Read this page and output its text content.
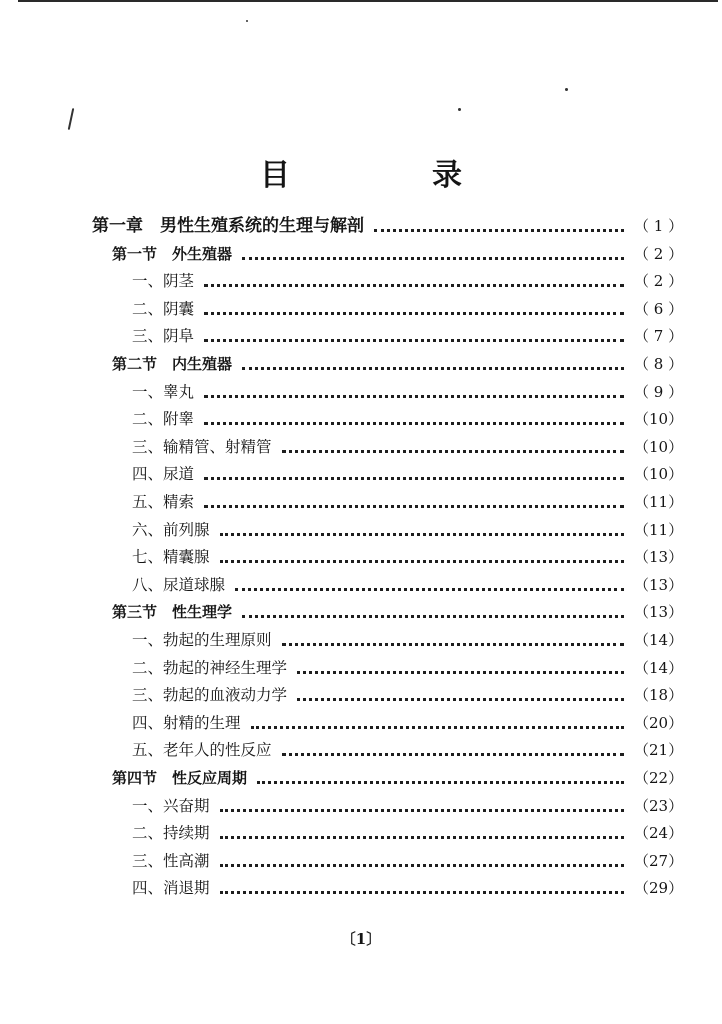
目　录
第一章　男性生殖系统的生理与解剖	（ 1 ）
第一节　外生殖器	（ 2 ）
一、阴茎	（ 2 ）
二、阴囊	（ 6 ）
三、阴阜	（ 7 ）
第二节　内生殖器	（ 8 ）
一、睾丸	（ 9 ）
二、附睾	（10）
三、输精管、射精管	（10）
四、尿道	（10）
五、精索	（11）
六、前列腺	（11）
七、精囊腺	（13）
八、尿道球腺	（13）
第三节　性生理学	（13）
一、勃起的生理原则	（14）
二、勃起的神经生理学	（14）
三、勃起的血液动力学	（18）
四、射精的生理	（20）
五、老年人的性反应	（21）
第四节　性反应周期	（22）
一、兴奋期	（23）
二、持续期	（24）
三、性高潮	（27）
四、消退期	（29）
〔1〕
